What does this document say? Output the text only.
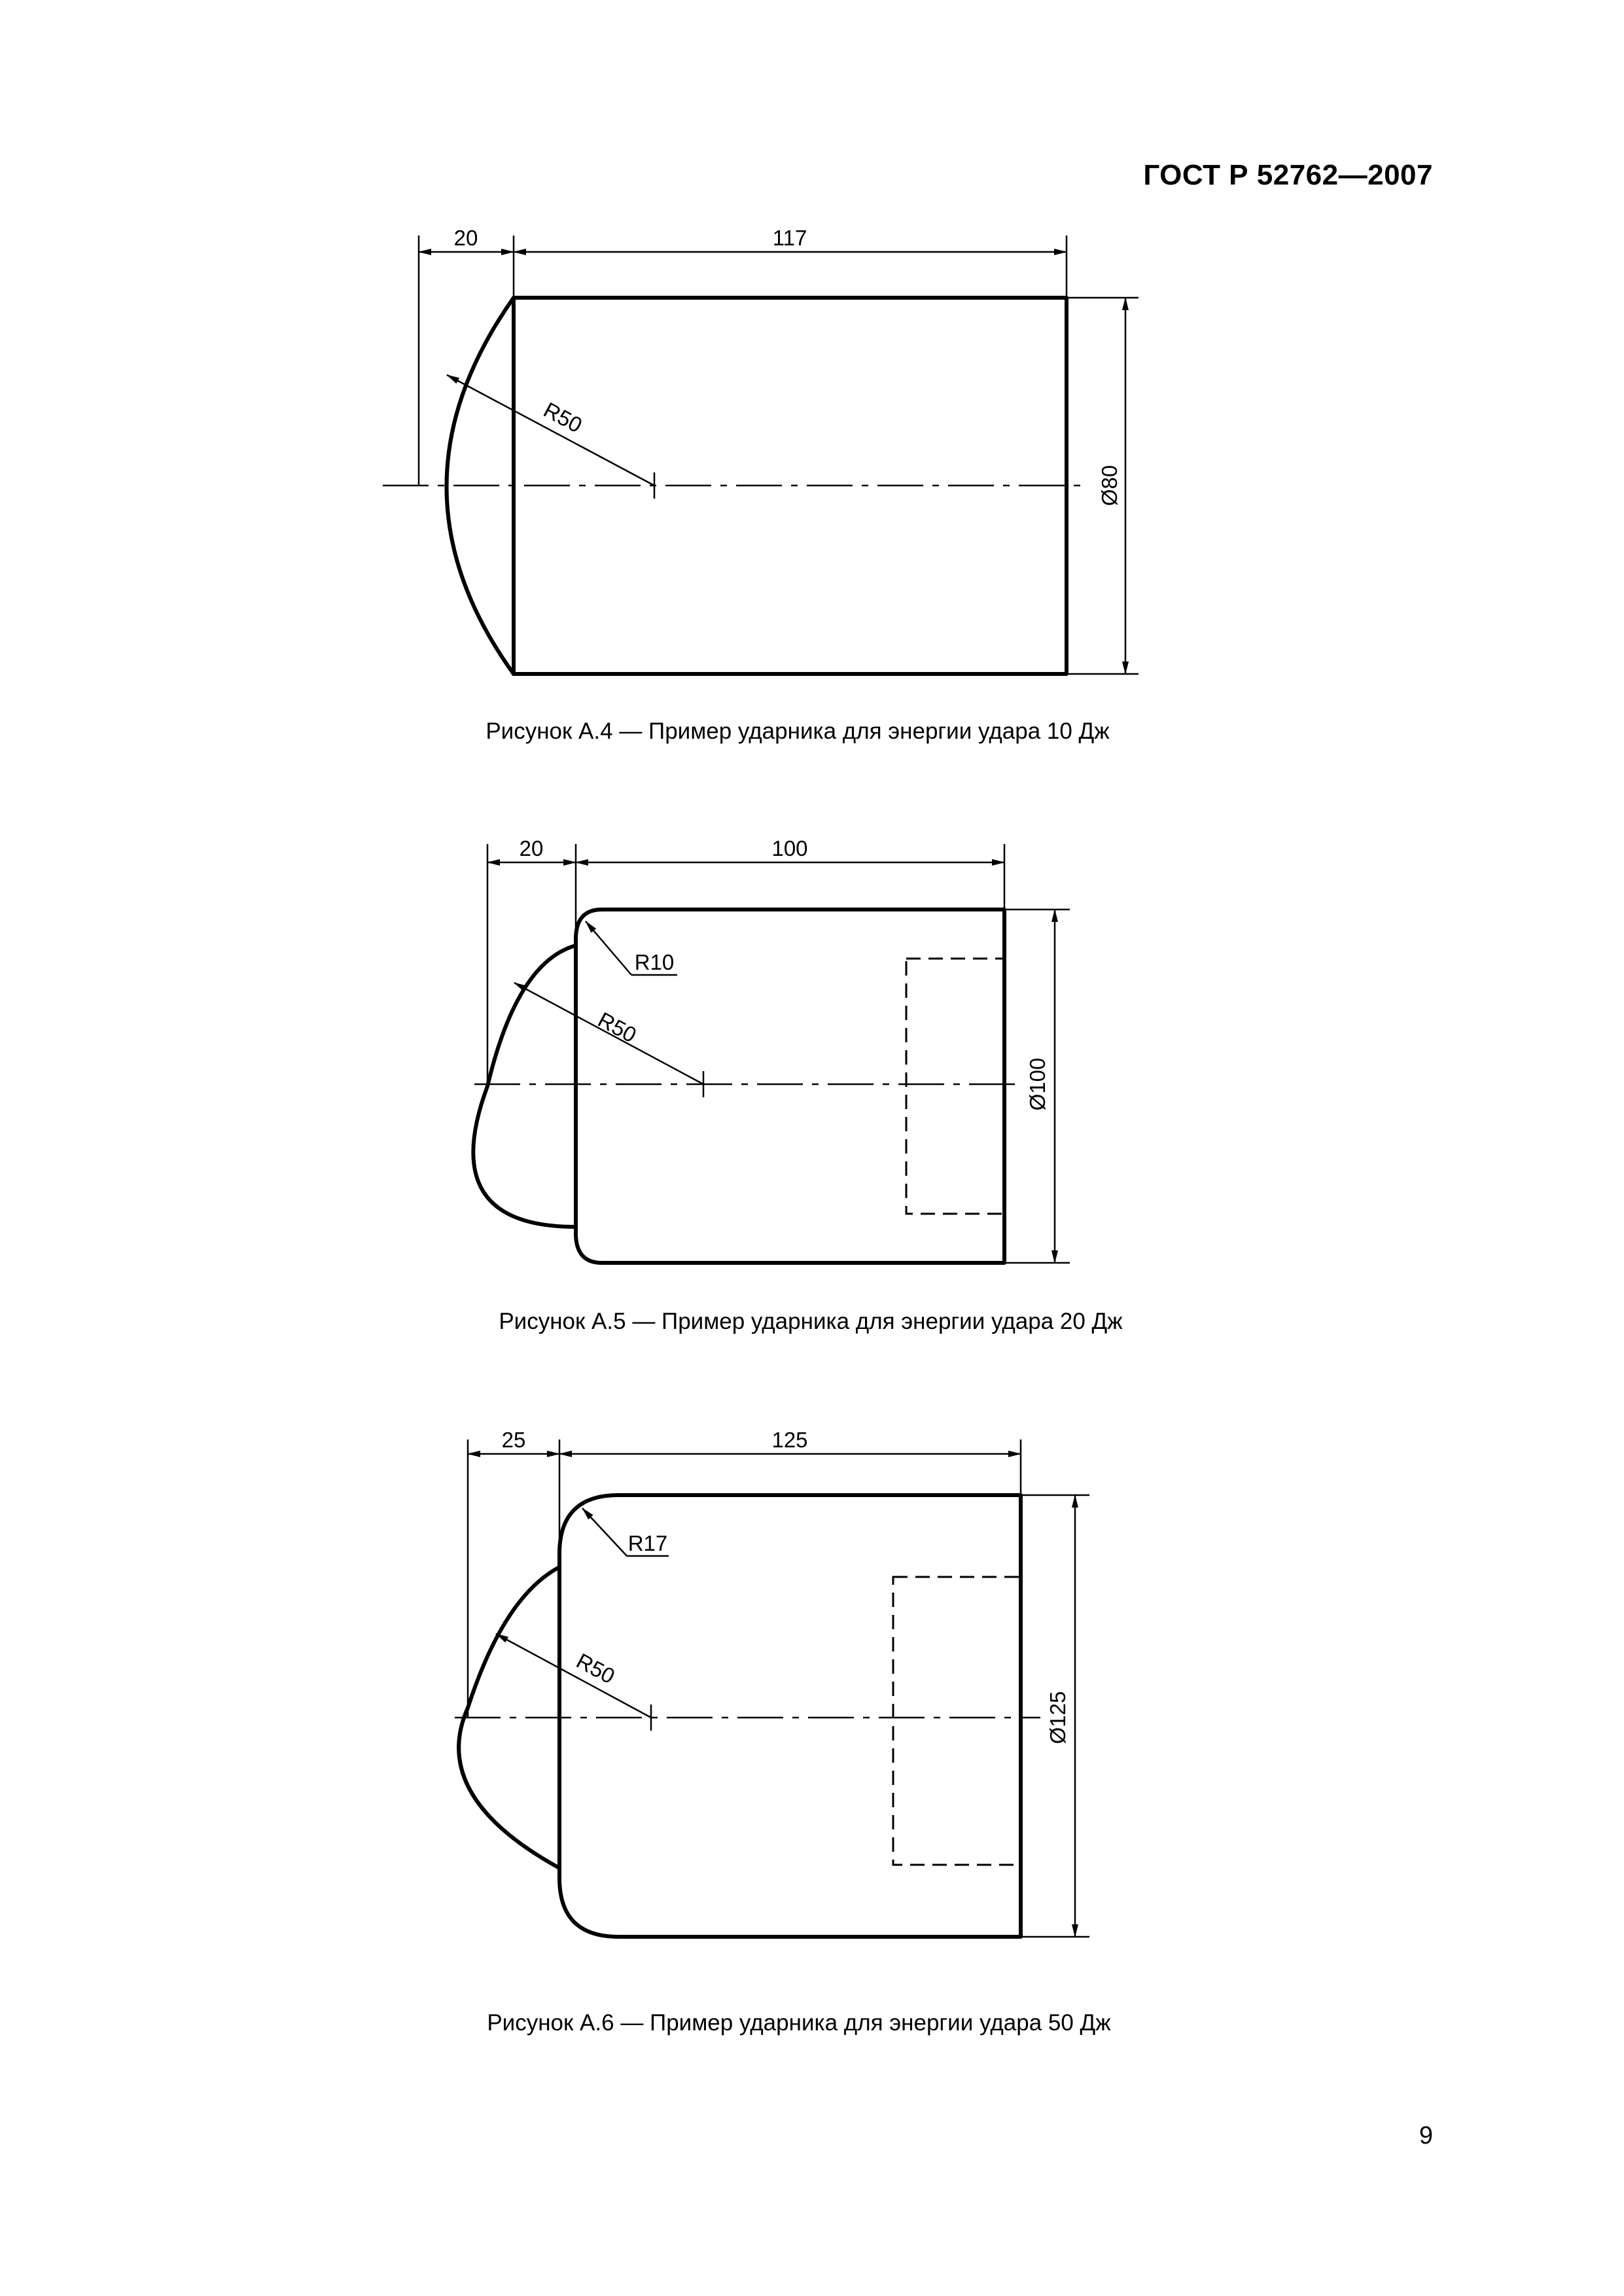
ГОСТ Р 52762—2007
20	117
R50
Ø80
20	100
R10
R50
Ø100
25	125
R17
R50
Ø125
Рисунок А.4 — Пример ударника для энергии удара 10 Дж
Рисунок А.5 — Пример ударника для энергии удара 20 Дж
Рисунок А.6 — Пример ударника для энергии удара 50 Дж
9
